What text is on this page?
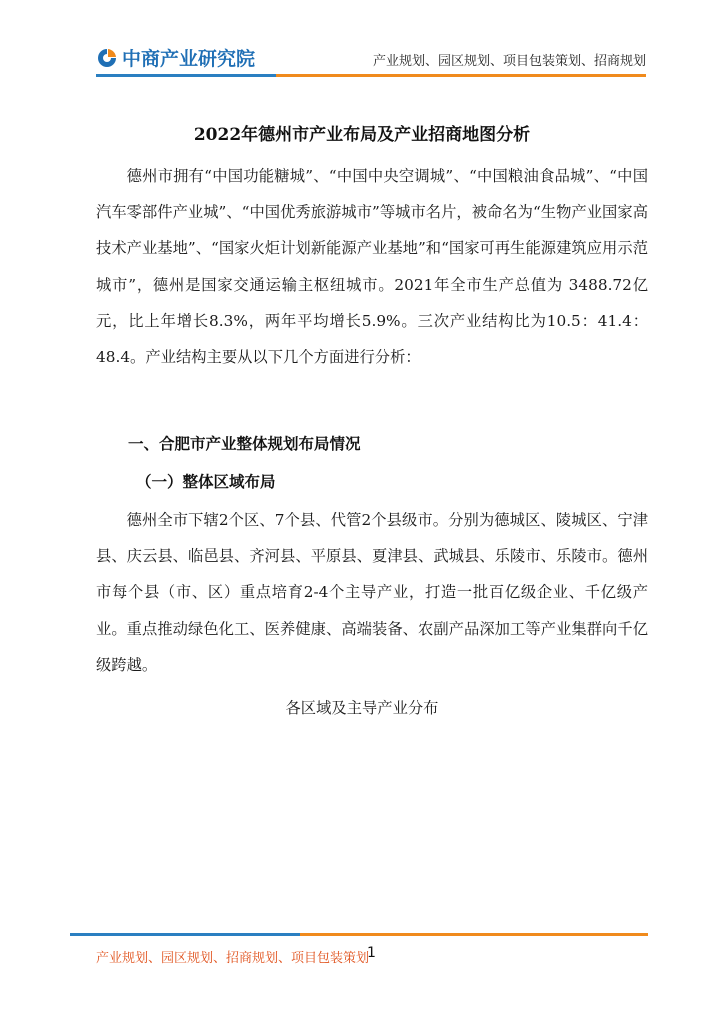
中商产业研究院	产业规划、园区规划、项目包装策划、招商规划
2022年德州市产业布局及产业招商地图分析

德州市拥有“中国功能糖城”、“中国中央空调城”、“中国粮油食品城”、“中国汽车零部件产业城”、“中国优秀旅游城市”等城市名片，被命名为“生物产业国家高技术产业基地”、“国家火炬计划新能源产业基地”和“国家可再生能源建筑应用示范城市”，德州是国家交通运输主枢纽城市。2021年全市生产总值为 3488.72亿元，比上年增长8.3%，两年平均增长5.9%。三次产业结构比为10.5：41.4：48.4。产业结构主要从以下几个方面进行分析：

一、合肥市产业整体规划布局情况
（一）整体区域布局

德州全市下辖2个区、7个县、代管2个县级市。分别为德城区、陵城区、宁津县、庆云县、临邑县、齐河县、平原县、夏津县、武城县、乐陵市、乐陵市。德州市每个县（市、区）重点培育2-4个主导产业，打造一批百亿级企业、千亿级产业。重点推动绿色化工、医养健康、高端装备、农副产品深加工等产业集群向千亿级跨越。

各区域及主导产业分布
产业规划、园区规划、招商规划、项目包装策划
1
